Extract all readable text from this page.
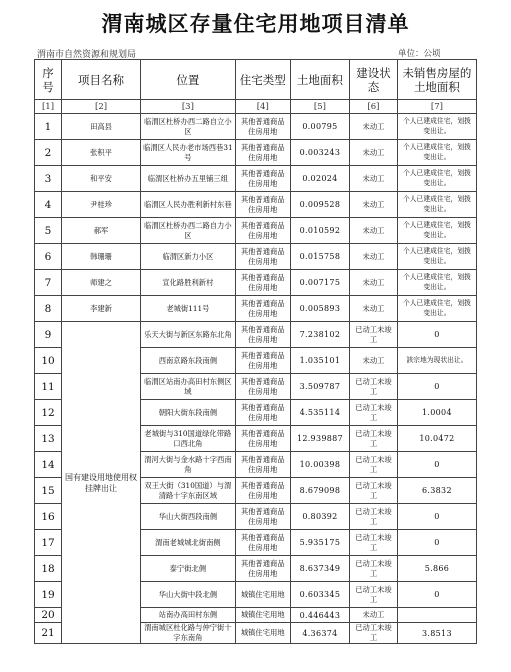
渭南城区存量住宅用地项目清单
渭南市自然资源和规划局	单位：公顷
序号	项目名称	位置	住宅类型	土地面积	建设状态	未销售房屋的土地面积
[1]	[2]	[3]	[4]	[5]	[6]	[7]
1	田高县	临渭区杜桥办西二路自立小区	其他普通商品住房用地	0.00795	未动工	个人已建成住宅，划拨变出让。
2	张积平	临渭区人民办老市场西巷31号	其他普通商品住房用地	0.003243	未动工	个人已建成住宅，划拨变出让。
3	和平安	临渭区杜桥办五里铺三组	其他普通商品住房用地	0.02024	未动工	个人已建成住宅，划拨变出让。
4	尹桂珍	临渭区人民办胜利新村东巷	其他普通商品住房用地	0.009528	未动工	个人已建成住宅，划拨变出让。
5	郝军	临渭区杜桥办西二路自力小区	其他普通商品住房用地	0.010592	未动工	个人已建成住宅，划拨变出让。
6	韩珊珊	临渭区新力小区	其他普通商品住房用地	0.015758	未动工	个人已建成住宅，划拨变出让。
7	师建之	宣化路胜利新村	其他普通商品住房用地	0.007175	未动工	个人已建成住宅，划拨变出让。
8	李建新	老城街111号	其他普通商品住房用地	0.005893	未动工	个人已建成住宅，划拨变出让。
9	国有建设用地使用权挂牌出让	乐天大街与新区东路东北角	其他普通商品住房用地	7.238102	已动工未竣工	0
10		西南京路东段南侧	其他普通商品住房用地	1.035101	未动工	該宗地为现状出让。
11		临渭区站南办高田村东侧区域	其他普通商品住房用地	3.509787	已动工未竣工	0
12		朝阳大街东段南侧	其他普通商品住房用地	4.535114	已动工未竣工	1.0004
13		老城街与310国道绿化带路口西北角	其他普通商品住房用地	12.939887	已动工未竣工	10.0472
14		渭河大街与金水路十字西南角	其他普通商品住房用地	10.00398	已动工未竣工	0
15		双王大街（310国道）与渭清路十字东南区域	其他普通商品住房用地	8.679098	已动工未竣工	6.3832
16		华山大街西段南侧	其他普通商品住房用地	0.80392	已动工未竣工	0
17		渭南老城城北街南侧	其他普通商品住房用地	5.935175	已动工未竣工	0
18		泰宁街北侧	其他普通商品住房用地	8.637349	已动工未竣工	5.866
19		华山大街中段北侧	城镇住宅用地	0.603345	已动工未竣工	0
20		站南办高田村东侧	城镇住宅用地	0.446443	未动工	
21		渭南城区杜化路与仲宁街十字东南角	城镇住宅用地	4.36374	已动工未竣工	3.8513
